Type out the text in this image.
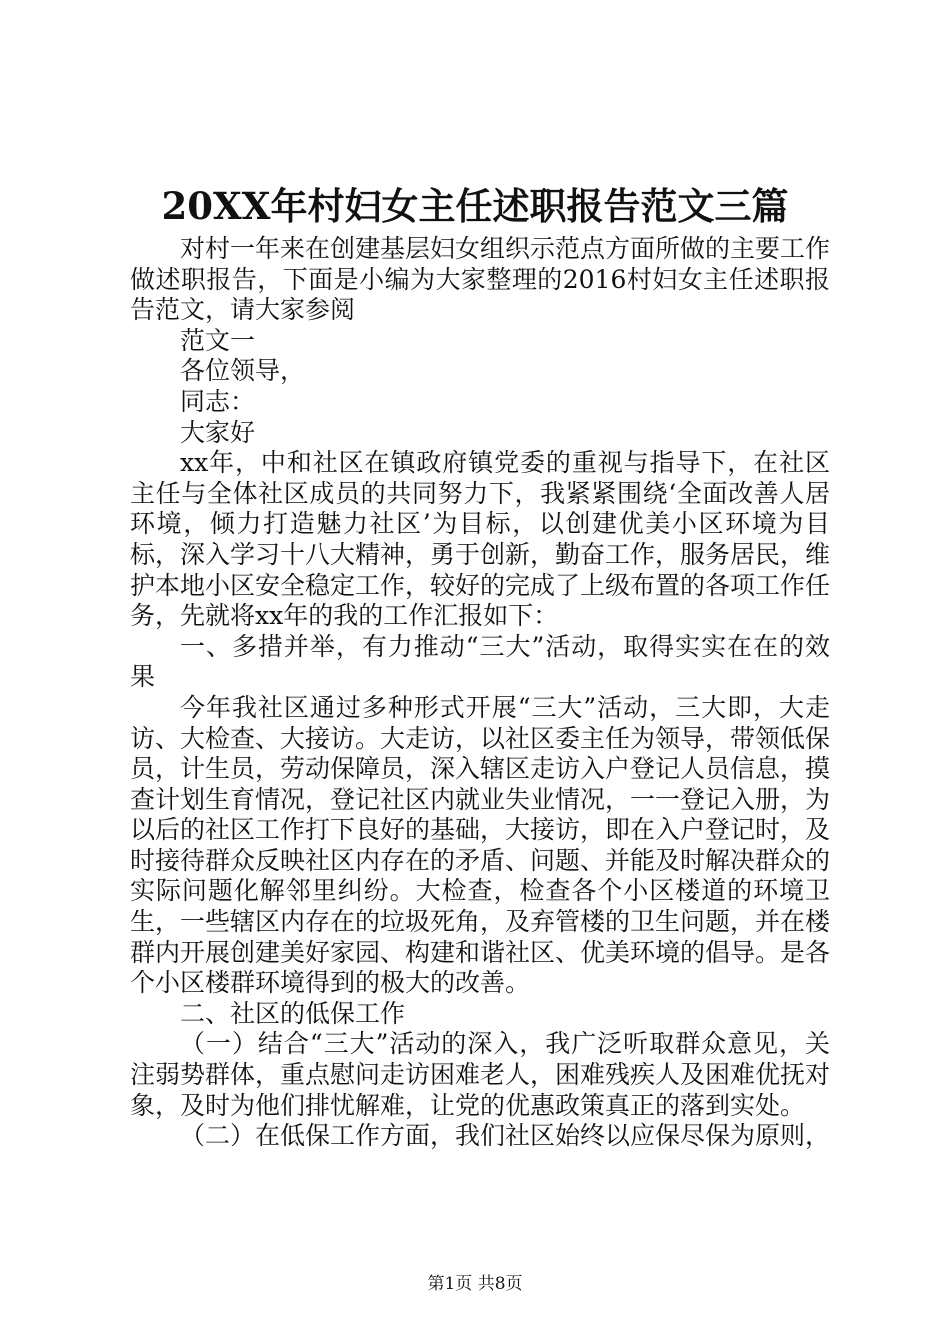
20XX年村妇女主任述职报告范文三篇

对村一年来在创建基层妇女组织示范点方面所做的主要工作做述职报告，下面是小编为大家整理的2016村妇女主任述职报告范文，请大家参阅

范文一

各位领导，

同志：

大家好

xx年，中和社区在镇政府镇党委的重视与指导下，在社区主任与全体社区成员的共同努力下，我紧紧围绕‘全面改善人居环境，倾力打造魅力社区’为目标，以创建优美小区环境为目标，深入学习十八大精神，勇于创新，勤奋工作，服务居民，维护本地小区安全稳定工作，较好的完成了上级布置的各项工作任务，先就将xx年的我的工作汇报如下：

一、多措并举，有力推动“三大”活动，取得实实在在的效果

今年我社区通过多种形式开展“三大”活动，三大即，大走访、大检查、大接访。大走访，以社区委主任为领导，带领低保员，计生员，劳动保障员，深入辖区走访入户登记人员信息，摸查计划生育情况，登记社区内就业失业情况，一一登记入册，为以后的社区工作打下良好的基础，大接访，即在入户登记时，及时接待群众反映社区内存在的矛盾、问题、并能及时解决群众的实际问题化解邻里纠纷。大检查，检查各个小区楼道的环境卫生，一些辖区内存在的垃圾死角，及弃管楼的卫生问题，并在楼群内开展创建美好家园、构建和谐社区、优美环境的倡导。是各个小区楼群环境得到的极大的改善。

二、社区的低保工作

（一）结合“三大”活动的深入，我广泛听取群众意见，关注弱势群体，重点慰问走访困难老人，困难残疾人及困难优抚对象，及时为他们排忧解难，让党的优惠政策真正的落到实处。

（二）在低保工作方面，我们社区始终以应保尽保为原则，

第1页 共8页
